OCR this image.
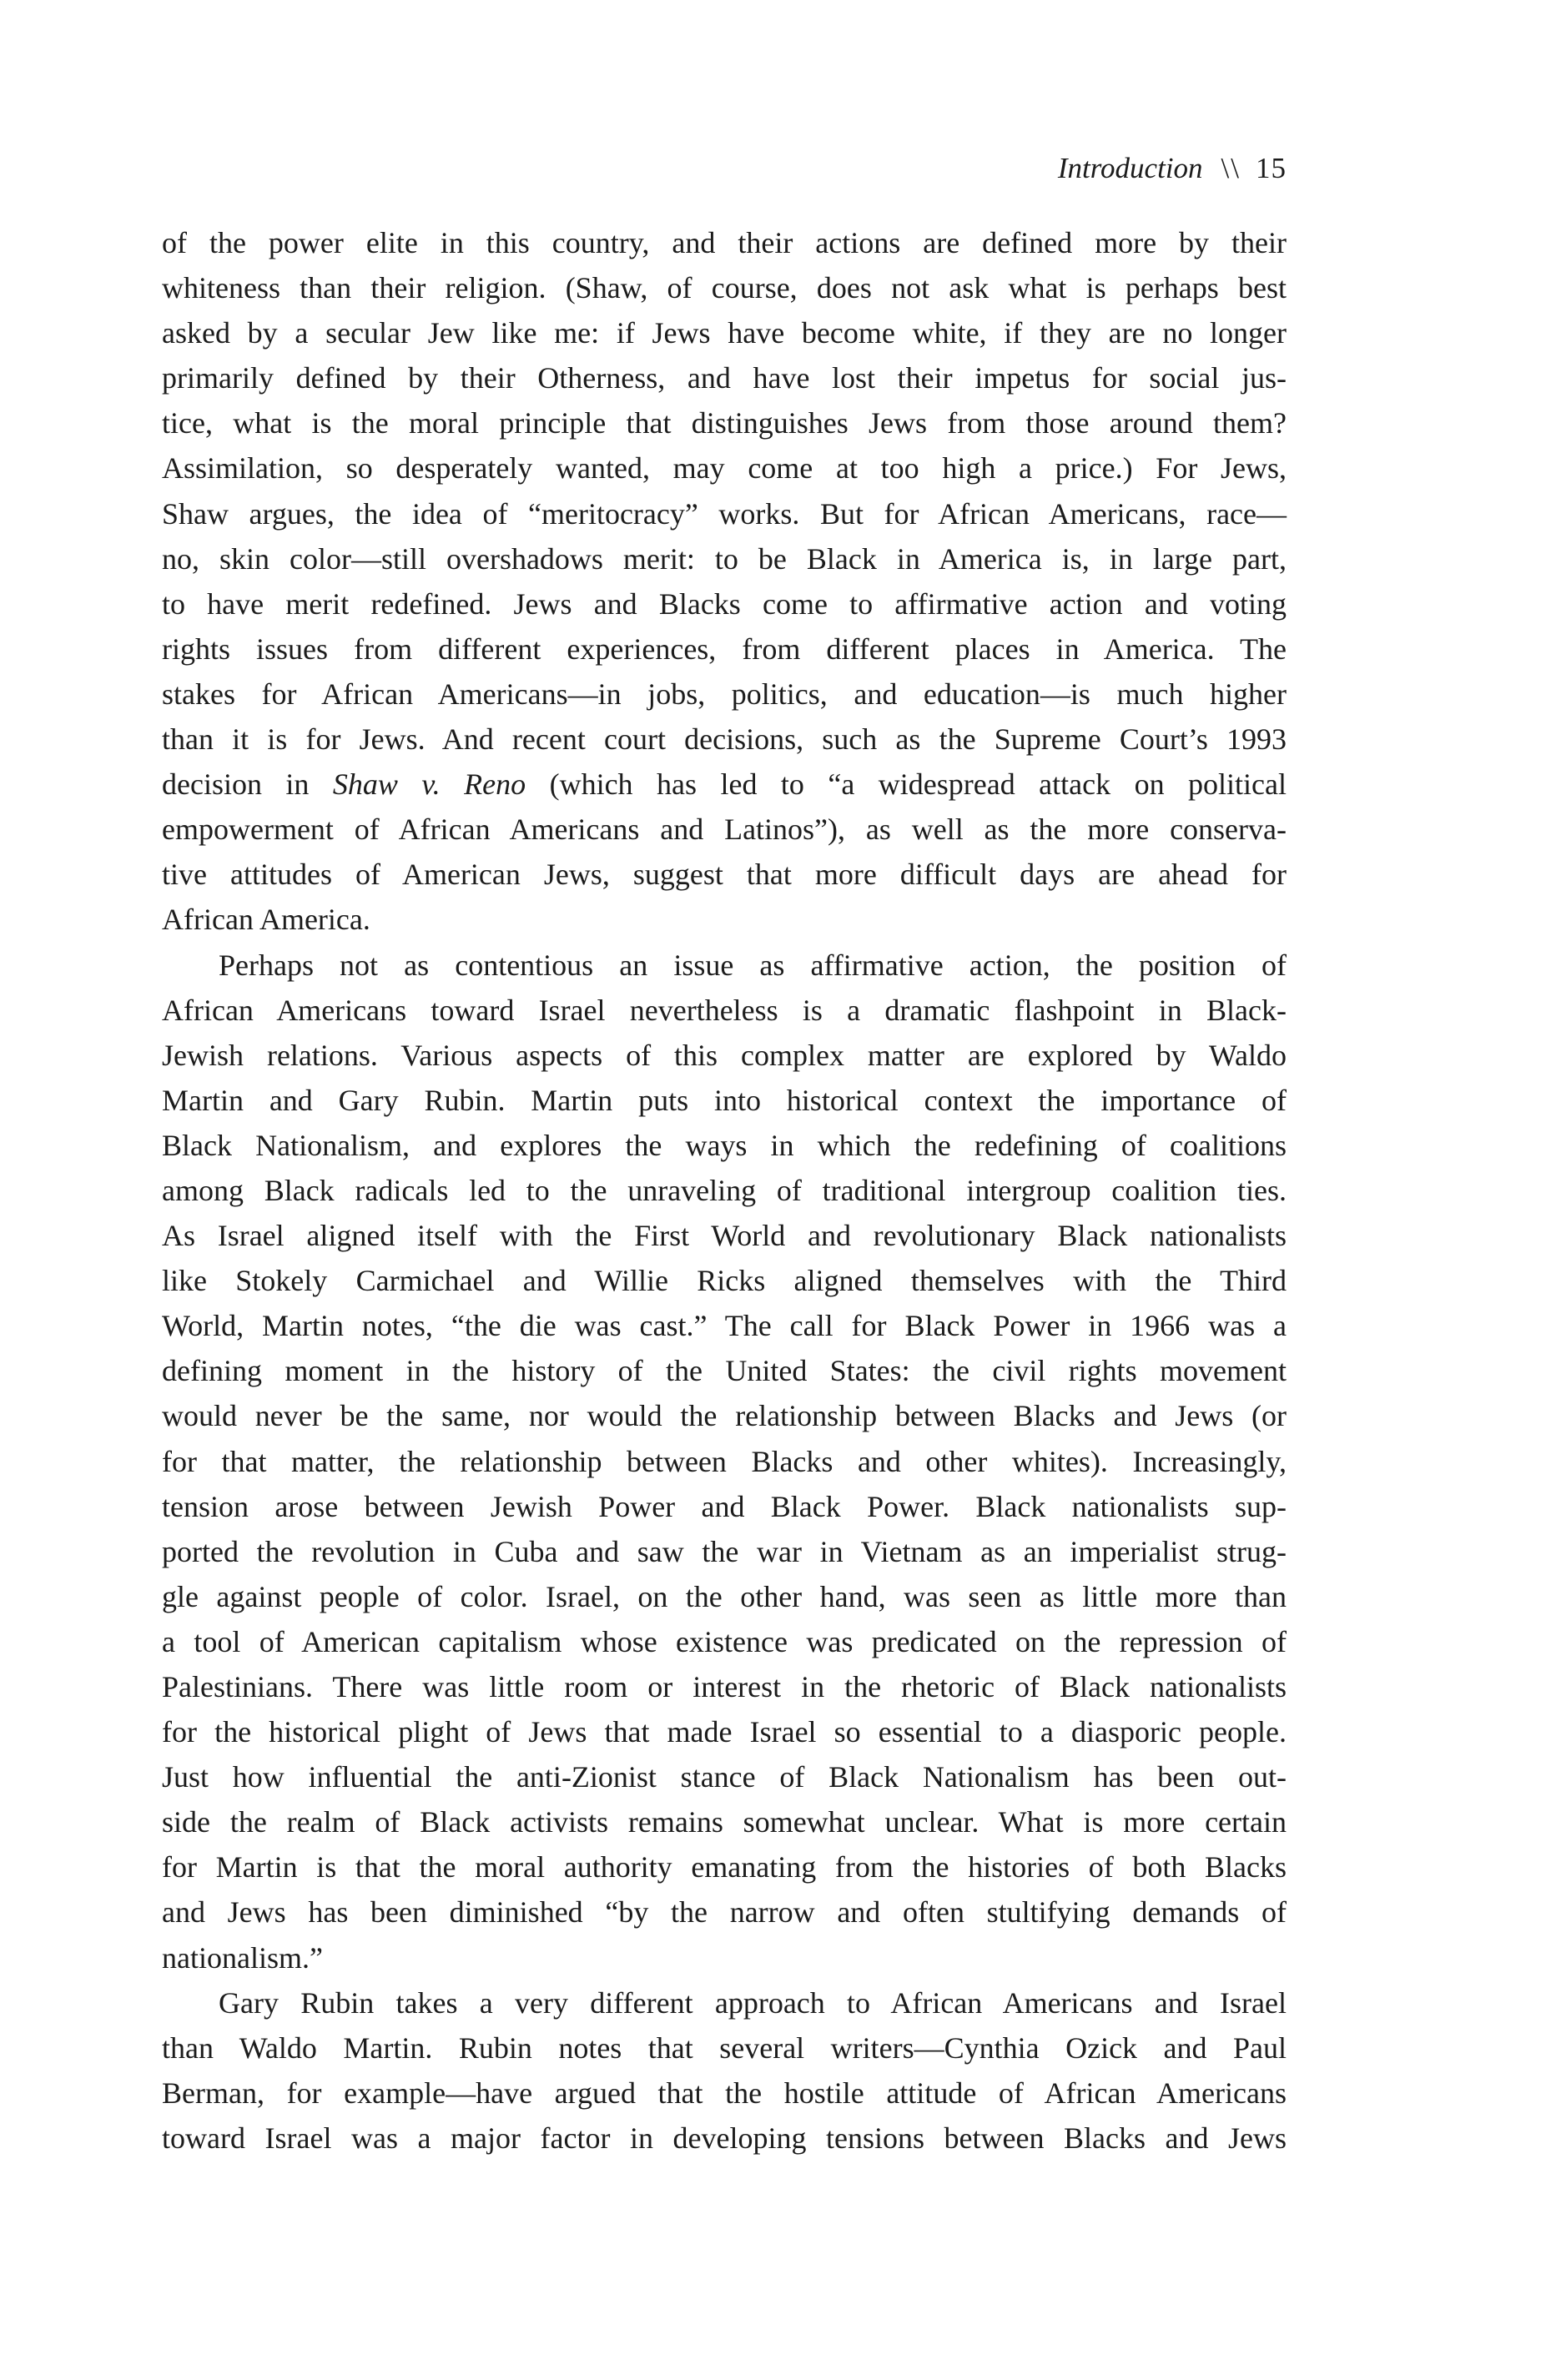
Introduction \\ 15
of the power elite in this country, and their actions are defined more by their
whiteness than their religion. (Shaw, of course, does not ask what is perhaps best
asked by a secular Jew like me: if Jews have become white, if they are no longer
primarily defined by their Otherness, and have lost their impetus for social jus-
tice, what is the moral principle that distinguishes Jews from those around them?
Assimilation, so desperately wanted, may come at too high a price.) For Jews,
Shaw argues, the idea of “meritocracy” works. But for African Americans, race—
no, skin color—still overshadows merit: to be Black in America is, in large part,
to have merit redefined. Jews and Blacks come to affirmative action and voting
rights issues from different experiences, from different places in America. The
stakes for African Americans—in jobs, politics, and education—is much higher
than it is for Jews. And recent court decisions, such as the Supreme Court’s 1993
decision in Shaw v. Reno (which has led to “a widespread attack on political
empowerment of African Americans and Latinos”), as well as the more conserva-
tive attitudes of American Jews, suggest that more difficult days are ahead for
African America.
Perhaps not as contentious an issue as affirmative action, the position of
African Americans toward Israel nevertheless is a dramatic flashpoint in Black-
Jewish relations. Various aspects of this complex matter are explored by Waldo
Martin and Gary Rubin. Martin puts into historical context the importance of
Black Nationalism, and explores the ways in which the redefining of coalitions
among Black radicals led to the unraveling of traditional intergroup coalition ties.
As Israel aligned itself with the First World and revolutionary Black nationalists
like Stokely Carmichael and Willie Ricks aligned themselves with the Third
World, Martin notes, “the die was cast.” The call for Black Power in 1966 was a
defining moment in the history of the United States: the civil rights movement
would never be the same, nor would the relationship between Blacks and Jews (or
for that matter, the relationship between Blacks and other whites). Increasingly,
tension arose between Jewish Power and Black Power. Black nationalists sup-
ported the revolution in Cuba and saw the war in Vietnam as an imperialist strug-
gle against people of color. Israel, on the other hand, was seen as little more than
a tool of American capitalism whose existence was predicated on the repression of
Palestinians. There was little room or interest in the rhetoric of Black nationalists
for the historical plight of Jews that made Israel so essential to a diasporic people.
Just how influential the anti-Zionist stance of Black Nationalism has been out-
side the realm of Black activists remains somewhat unclear. What is more certain
for Martin is that the moral authority emanating from the histories of both Blacks
and Jews has been diminished “by the narrow and often stultifying demands of
nationalism.”
Gary Rubin takes a very different approach to African Americans and Israel
than Waldo Martin. Rubin notes that several writers—Cynthia Ozick and Paul
Berman, for example—have argued that the hostile attitude of African Americans
toward Israel was a major factor in developing tensions between Blacks and Jews
